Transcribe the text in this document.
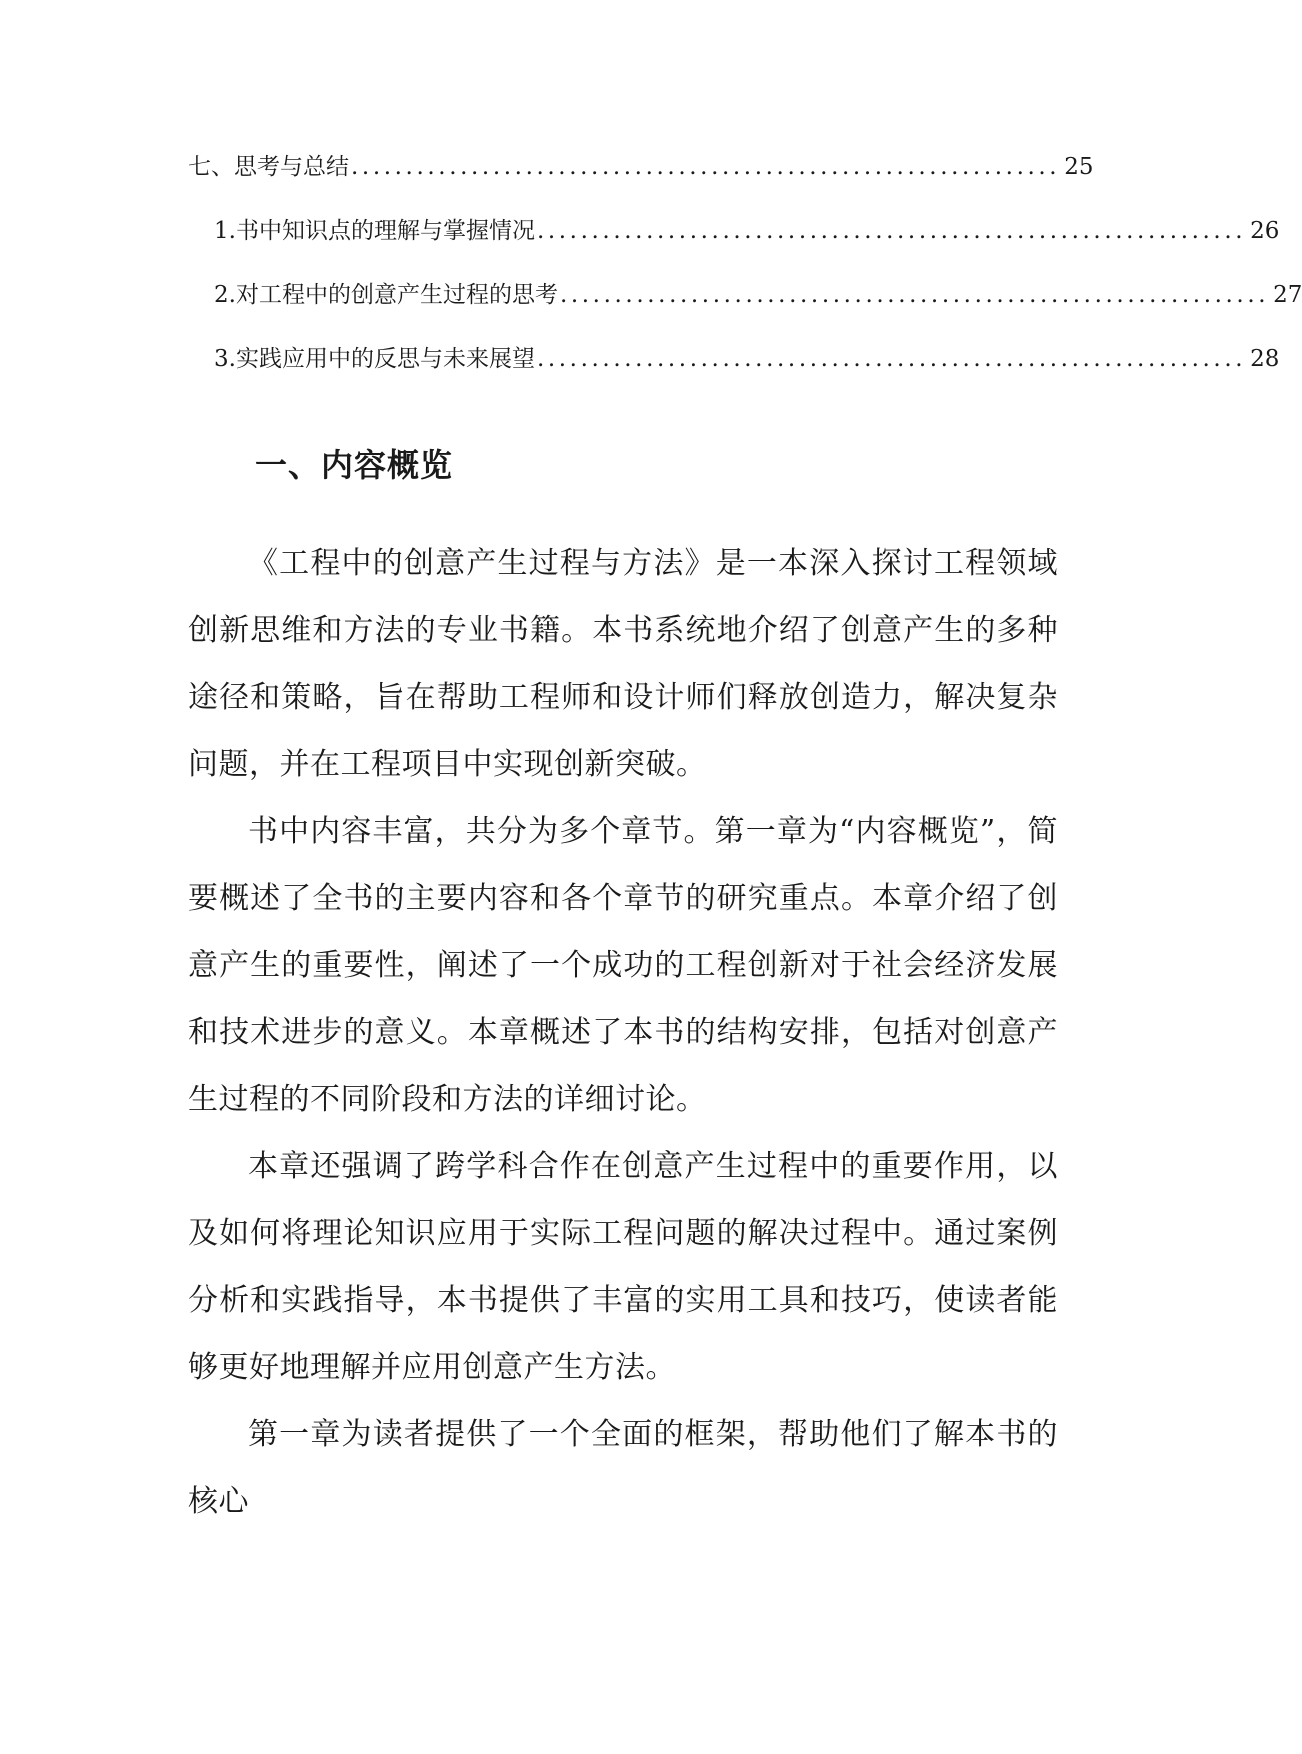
七、思考与总结 ................................................................. 25
1. 书中知识点的理解与掌握情况 ................................................................. 26
2. 对工程中的创意产生过程的思考 ................................................................. 27
3. 实践应用中的反思与未来展望 ................................................................. 28
一、内容概览

《工程中的创意产生过程与方法》是一本深入探讨工程领域创新思维和方法的专业书籍。本书系统地介绍了创意产生的多种途径和策略，旨在帮助工程师和设计师们释放创造力，解决复杂问题，并在工程项目中实现创新突破。

书中内容丰富，共分为多个章节。第一章为“内容概览”，简要概述了全书的主要内容和各个章节的研究重点。本章介绍了创意产生的重要性，阐述了一个成功的工程创新对于社会经济发展和技术进步的意义。本章概述了本书的结构安排，包括对创意产生过程的不同阶段和方法的详细讨论。

本章还强调了跨学科合作在创意产生过程中的重要作用，以及如何将理论知识应用于实际工程问题的解决过程中。通过案例分析和实践指导，本书提供了丰富的实用工具和技巧，使读者能够更好地理解并应用创意产生方法。

第一章为读者提供了一个全面的框架，帮助他们了解本书的核心
